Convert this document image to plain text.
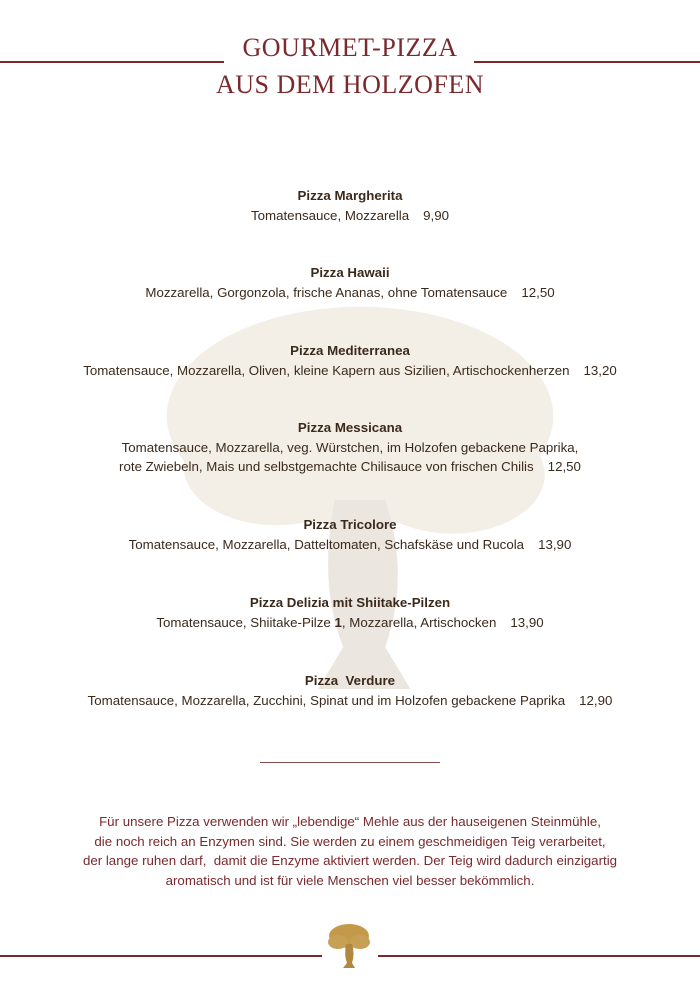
GOURMET-PIZZA
AUS DEM HOLZOFEN
Pizza Margherita
Tomatensauce, Mozzarella 9,90
Pizza Hawaii
Mozzarella, Gorgonzola, frische Ananas, ohne Tomatensauce 12,50
Pizza Mediterranea
Tomatensauce, Mozzarella, Oliven, kleine Kapern aus Sizilien, Artischockenherzen 13,20
Pizza Messicana
Tomatensauce, Mozzarella, veg. Würstchen, im Holzofen gebackene Paprika,
rote Zwiebeln, Mais und selbstgemachte Chilisauce von frischen Chilis 12,50
Pizza Tricolore
Tomatensauce, Mozzarella, Datteltomaten, Schafskäse und Rucola 13,90
Pizza Delizia mit Shiitake-Pilzen
Tomatensauce, Shiitake-Pilze 1, Mozzarella, Artischocken 13,90
Pizza  Verdure
Tomatensauce, Mozzarella, Zucchini, Spinat und im Holzofen gebackene Paprika 12,90
Für unsere Pizza verwenden wir „lebendige“ Mehle aus der hauseigenen Steinmühle,
die noch reich an Enzymen sind. Sie werden zu einem geschmeidigen Teig verarbeitet,
der lange ruhen darf,  damit die Enzyme aktiviert werden. Der Teig wird dadurch einzigartig
aromatisch und ist für viele Menschen viel besser bekömmlich.
